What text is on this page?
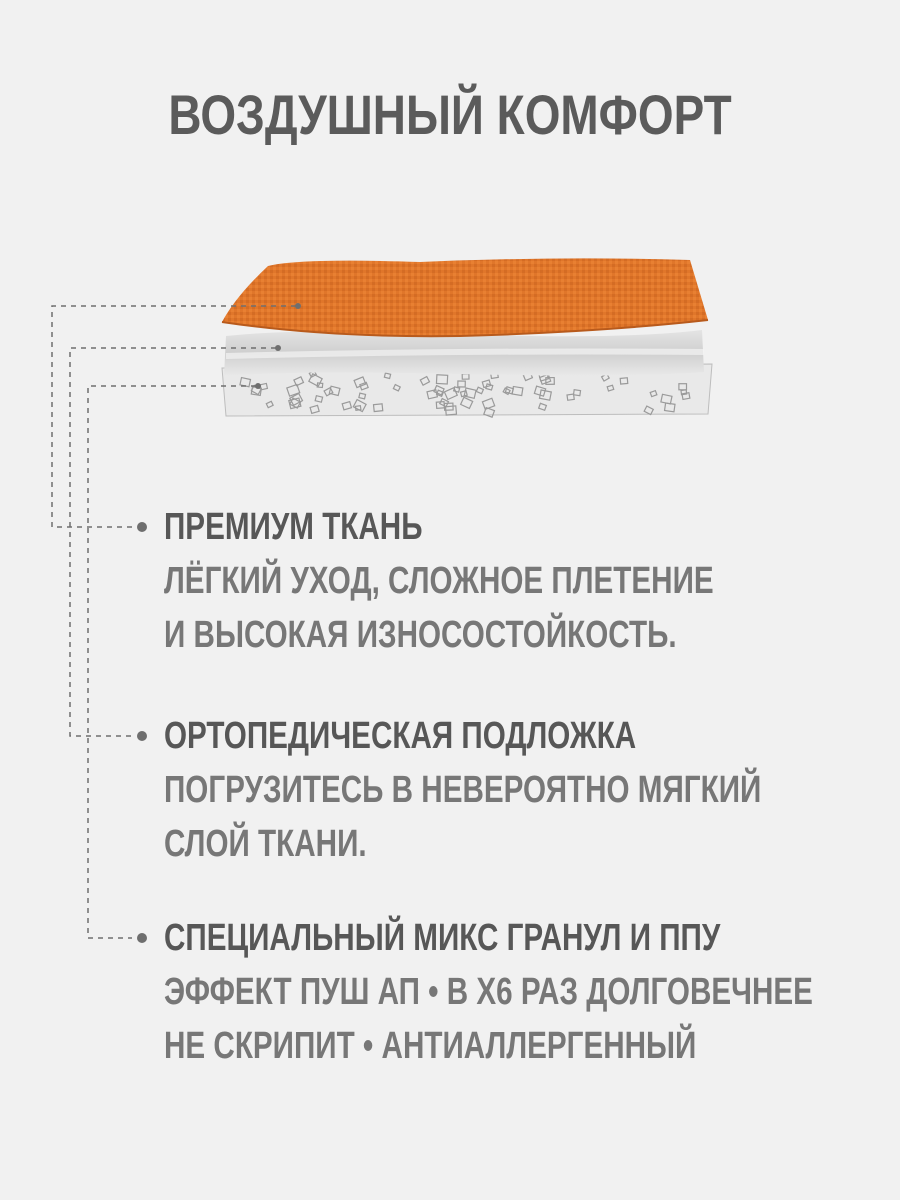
ВОЗДУШНЫЙ КОМФОРТ
ПРЕМИУМ ТКАНЬ
ЛЁГКИЙ УХОД, СЛОЖНОЕ ПЛЕТЕНИЕ
И ВЫСОКАЯ ИЗНОСОСТОЙКОСТЬ.
ОРТОПЕДИЧЕСКАЯ ПОДЛОЖКА
ПОГРУЗИТЕСЬ В НЕВЕРОЯТНО МЯГКИЙ
СЛОЙ ТКАНИ.
СПЕЦИАЛЬНЫЙ МИКС ГРАНУЛ И ППУ
ЭФФЕКТ ПУШ АП • В Х6 РАЗ ДОЛГОВЕЧНЕЕ
НЕ СКРИПИТ • АНТИАЛЛЕРГЕННЫЙ
